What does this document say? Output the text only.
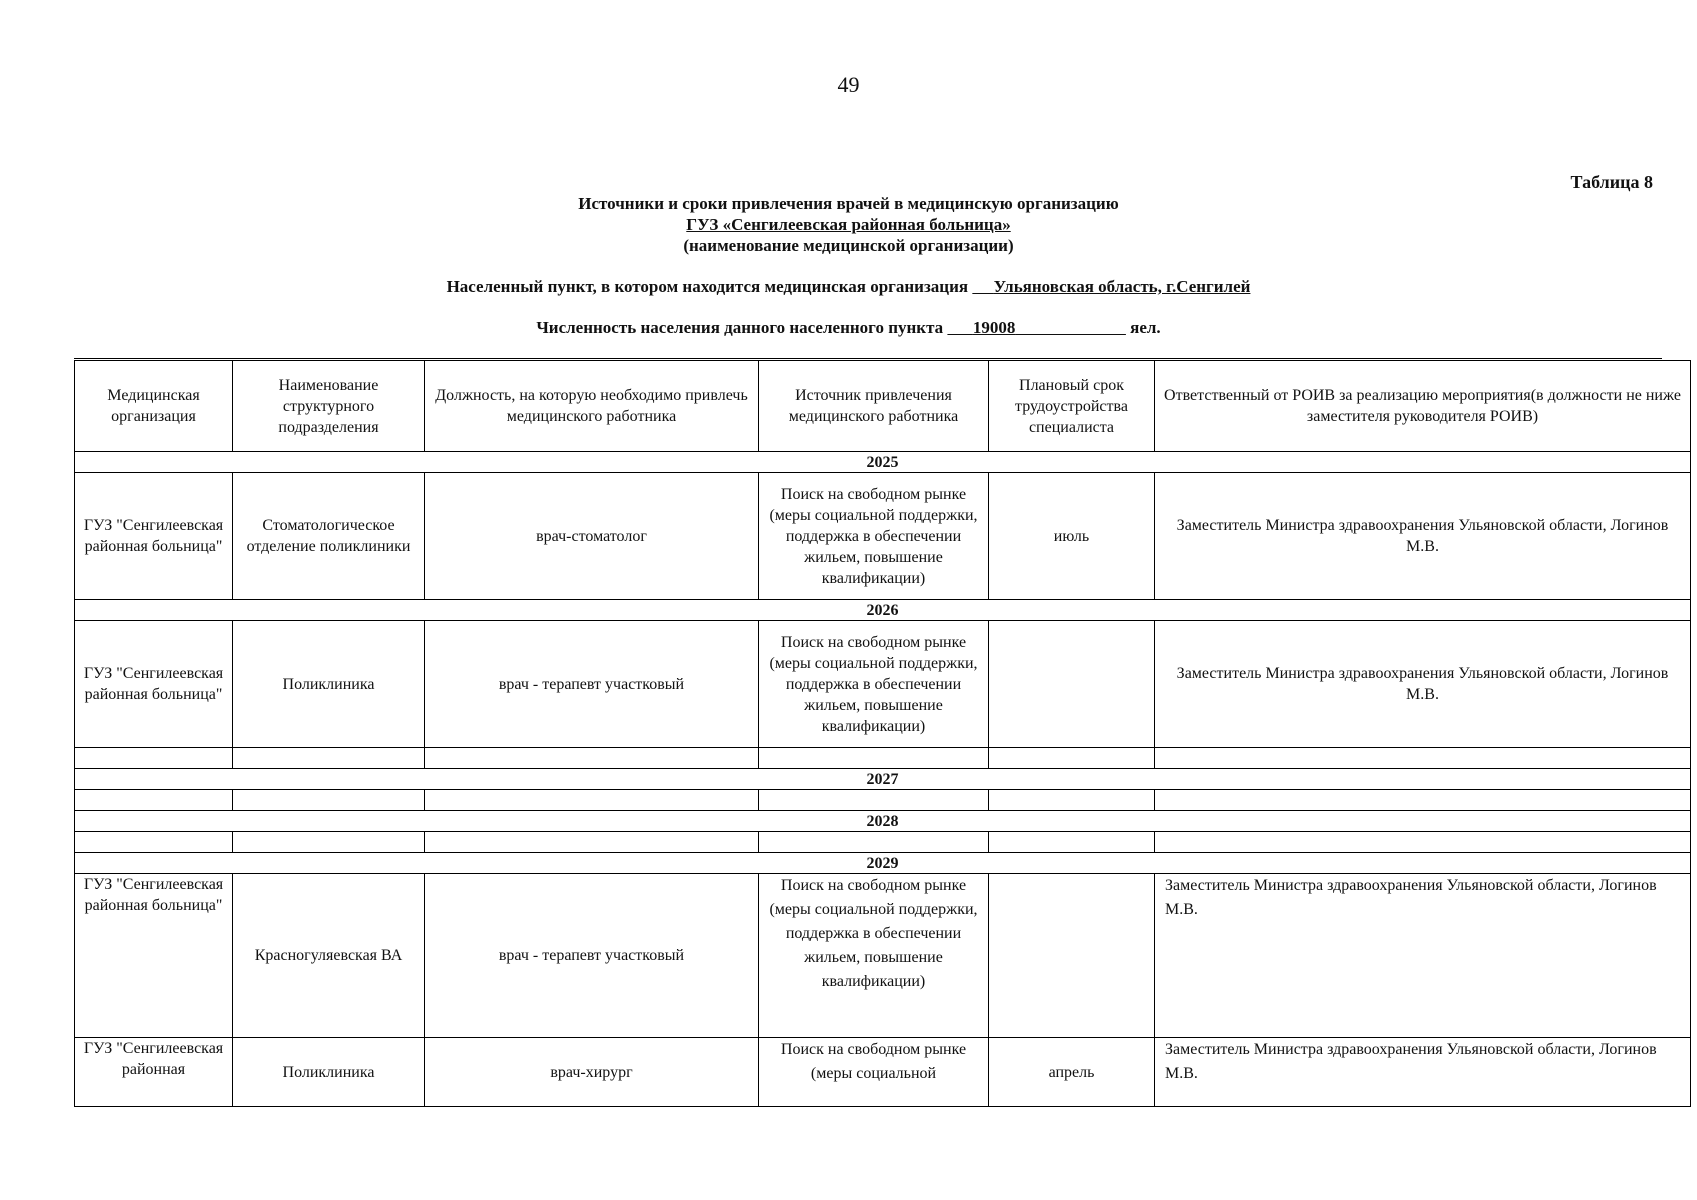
49
Таблица 8
Источники и сроки привлечения врачей в медицинскую организацию
ГУЗ «Сенгилеевская районная больница»
(наименование медицинской организации)
Населенный пункт, в котором находится медицинская организация Ульяновская область, г.Сенгилей
Численность населения данного населенного пункта 19008	яел.
Медицинская организация	Наименование структурного подразделения	Должность, на которую необходимо привлечь медицинского работника	Источник привлечения медицинского работника	Плановый срок трудоустройства специалиста	Ответственный от РОИВ за реализацию мероприятия(в должности не ниже заместителя руководителя РОИВ)
2025					
ГУЗ "Сенгилеевская районная больница"	Стоматологическое отделение поликлиники	врач-стоматолог	Поиск на свободном рынке (меры социальной поддержки, поддержка в обеспечении жильем, повышение квалификации)	июль	Заместитель Министра здравоохранения Ульяновской области, Логинов М.В.
2026					
ГУЗ "Сенгилеевская районная больница"	Поликлиника	врач - терапевт участковый	Поиск на свободном рынке (меры социальной поддержки, поддержка в обеспечении жильем, повышение квалификации)		Заместитель Министра здравоохранения Ульяновской области, Логинов М.В.

2027					

2028					

2029					
ГУЗ "Сенгилеевская районная больница"	Красногуляевская ВА	врач - терапевт участковый	Поиск на свободном рынке (меры социальной поддержки, поддержка в обеспечении жильем, повышение квалификации)		Заместитель Министра здравоохранения Ульяновской области, Логинов М.В.
ГУЗ "Сенгилеевская районная	Поликлиника	врач-хирург	Поиск на свободном рынке (меры социальной	апрель	Заместитель Министра здравоохранения Ульяновской области, Логинов М.В.
